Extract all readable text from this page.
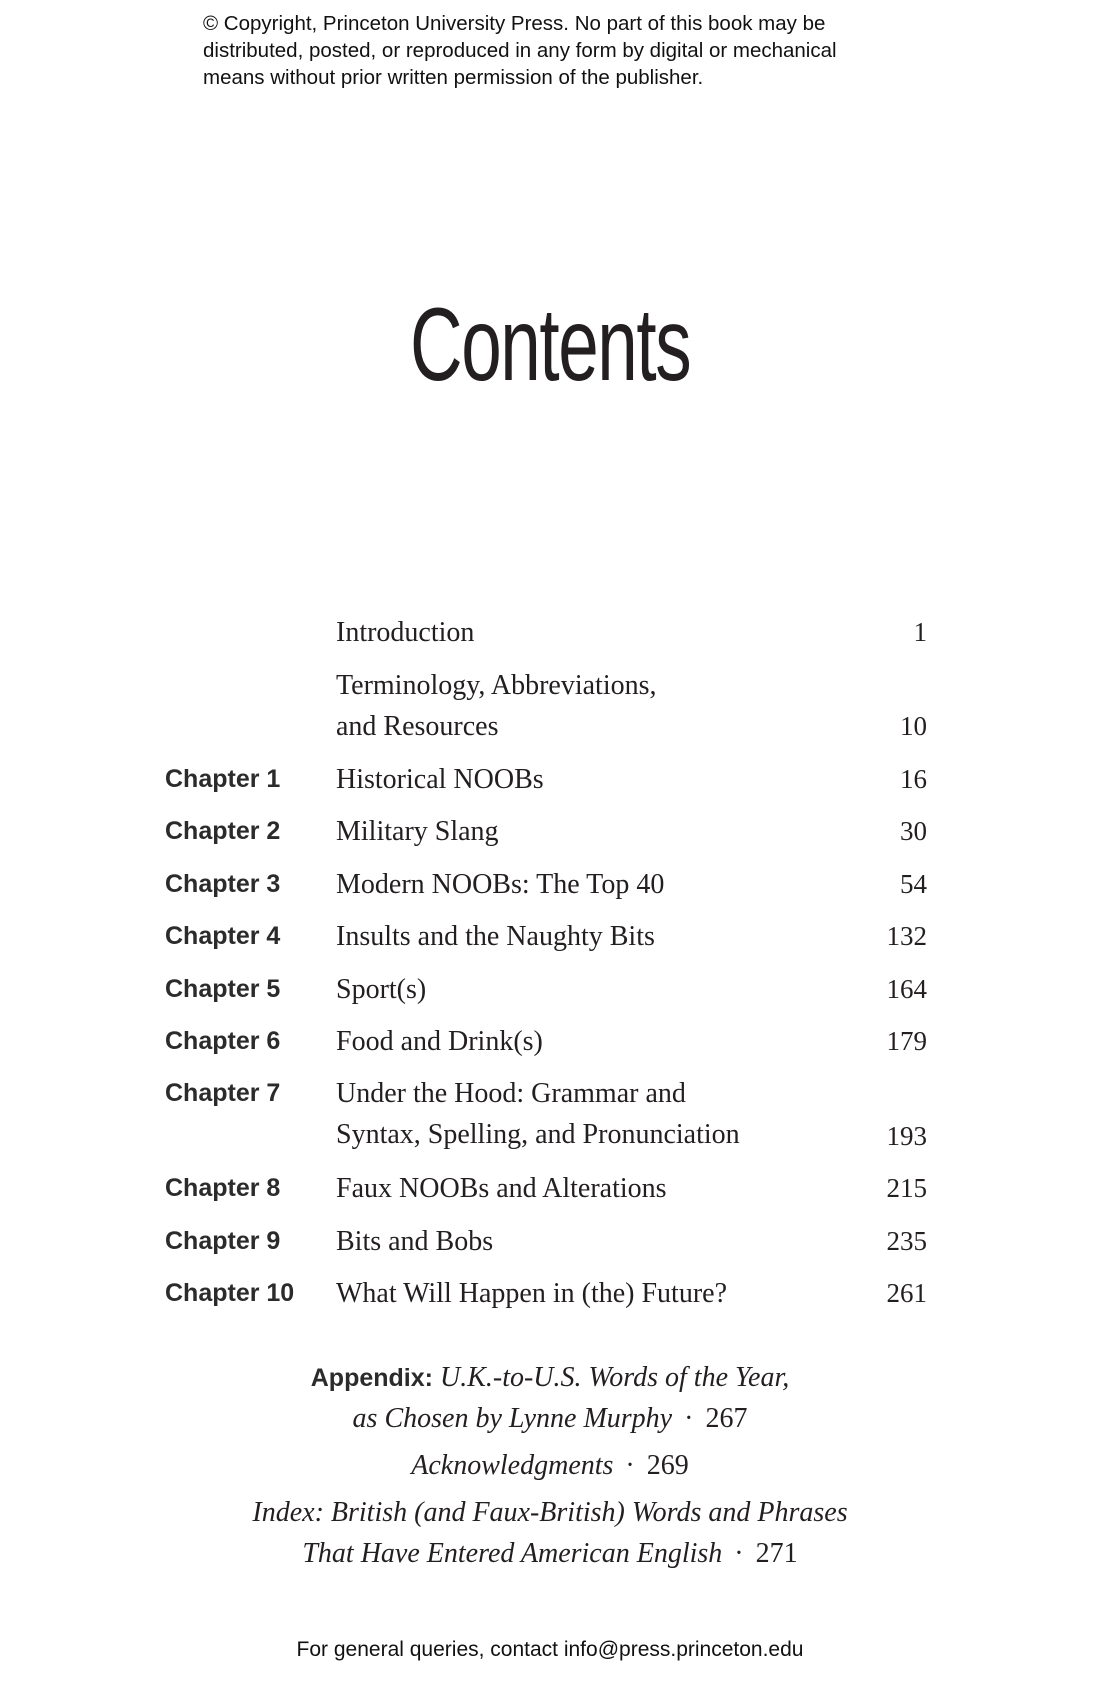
© Copyright, Princeton University Press. No part of this book may be
distributed, posted, or reproduced in any form by digital or mechanical
means without prior written permission of the publisher.
Contents
Introduction	1
Terminology, Abbreviations,
and Resources	10
Chapter 1 Historical NOOBs	16
Chapter 2 Military Slang	30
Chapter 3 Modern NOOBs: The Top 40	54
Chapter 4 Insults and the Naughty Bits	132
Chapter 5 Sport(s)	164
Chapter 6 Food and Drink(s)	179
Chapter 7 Under the Hood: Grammar and
Syntax, Spelling, and Pronunciation	193
Chapter 8 Faux NOOBs and Alterations	215
Chapter 9 Bits and Bobs	235
Chapter 10 What Will Happen in (the) Future?	261
Appendix: U.K.-to-U.S. Words of the Year,
as Chosen by Lynne Murphy · 267
Acknowledgments · 269
Index: British (and Faux-British) Words and Phrases
That Have Entered American English · 271
For general queries, contact info@press.princeton.edu
